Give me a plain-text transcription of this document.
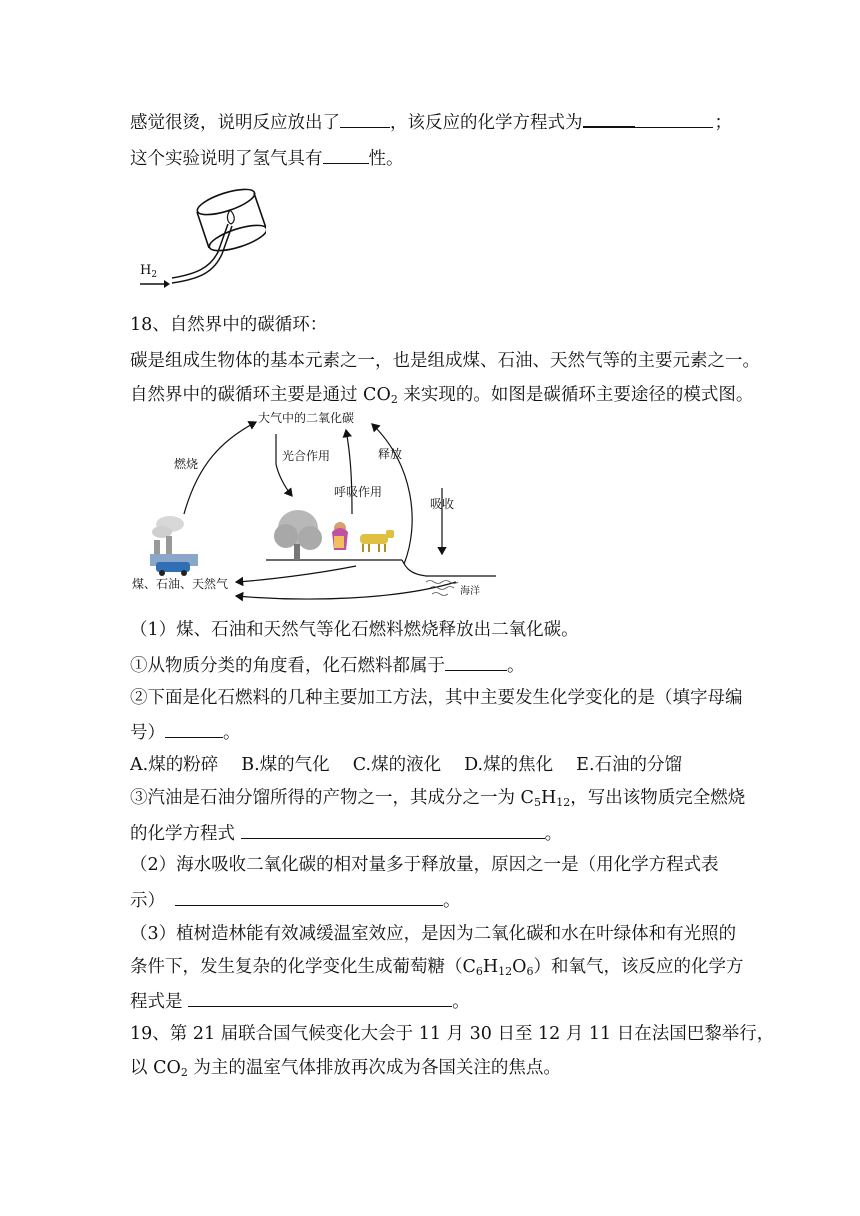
感觉很烫，说明反应放出了	，该反应的化学方程式为	；
这个实验说明了氢气具有	性。
$H_2$
18、自然界中的碳循环：
碳是组成生物体的基本元素之一，也是组成煤、石油、天然气等的主要元素之一。
自然界中的碳循环主要是通过 $CO_2$ 来实现的。如图是碳循环主要途径的模式图。
大气中的二氧化碳
燃烧
光合作用
呼吸作用
释放
吸收
煤、石油、天然气
海洋
（1）煤、石油和天然气等化石燃料燃烧释放出二氧化碳。
①从物质分类的角度看，化石燃料都属于	。
②下面是化石燃料的几种主要加工方法，其中主要发生化学变化的是（填字母编
号）	。
A.煤的粉碎　 B.煤的气化　 C.煤的液化　 D.煤的焦化　 E.石油的分馏
③汽油是石油分馏所得的产物之一，其成分之一为 $C_5H_{12}$，写出该物质完全燃烧
的化学方程式	。
（2）海水吸收二氧化碳的相对量多于释放量，原因之一是（用化学方程式表
示）	。
（3）植树造林能有效减缓温室效应，是因为二氧化碳和水在叶绿体和有光照的
条件下，发生复杂的化学变化生成葡萄糖$(C_6H_{12}O_6)$和氧气，该反应的化学方
程式是	。
19、第 21 届联合国气候变化大会于 11 月 30 日至 12 月 11 日在法国巴黎举行，
以 $CO_2$ 为主的温室气体排放再次成为各国关注的焦点。
